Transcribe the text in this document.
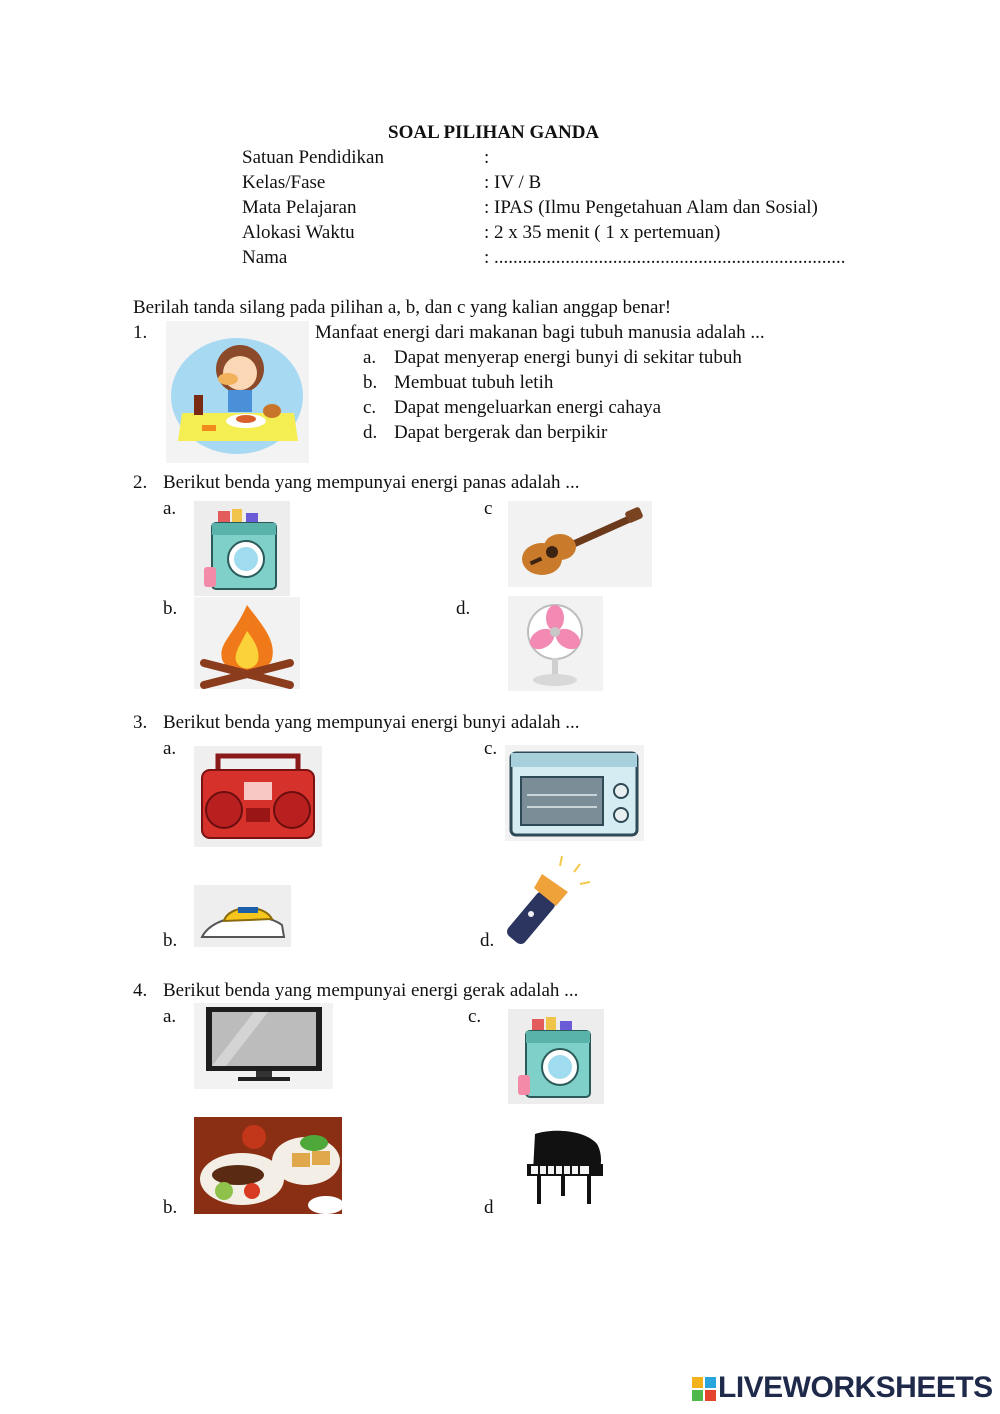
SOAL PILIHAN GANDA
Satuan Pendidikan	:
Kelas/Fase	: IV / B
Mata Pelajaran	: IPAS (Ilmu Pengetahuan Alam dan Sosial)
Alokasi Waktu	: 2 x 35 menit ( 1 x pertemuan)
Nama	: ..........................................................................
Berilah tanda silang pada pilihan a, b, dan c yang kalian anggap benar!
1.	Manfaat energi dari makanan bagi tubuh manusia adalah ...
a. Dapat menyerap energi bunyi di sekitar tubuh
b. Membuat tubuh letih
c. Dapat mengeluarkan energi cahaya
d. Dapat bergerak dan berpikir
2. Berikut benda yang mempunyai energi panas adalah ...
a.	c
b.	d.
3. Berikut benda yang mempunyai energi bunyi adalah ...
a.	c.
b.	d.
4. Berikut benda yang mempunyai energi gerak adalah ...
a.	c.
b.	d
LIVEWORKSHEETS
